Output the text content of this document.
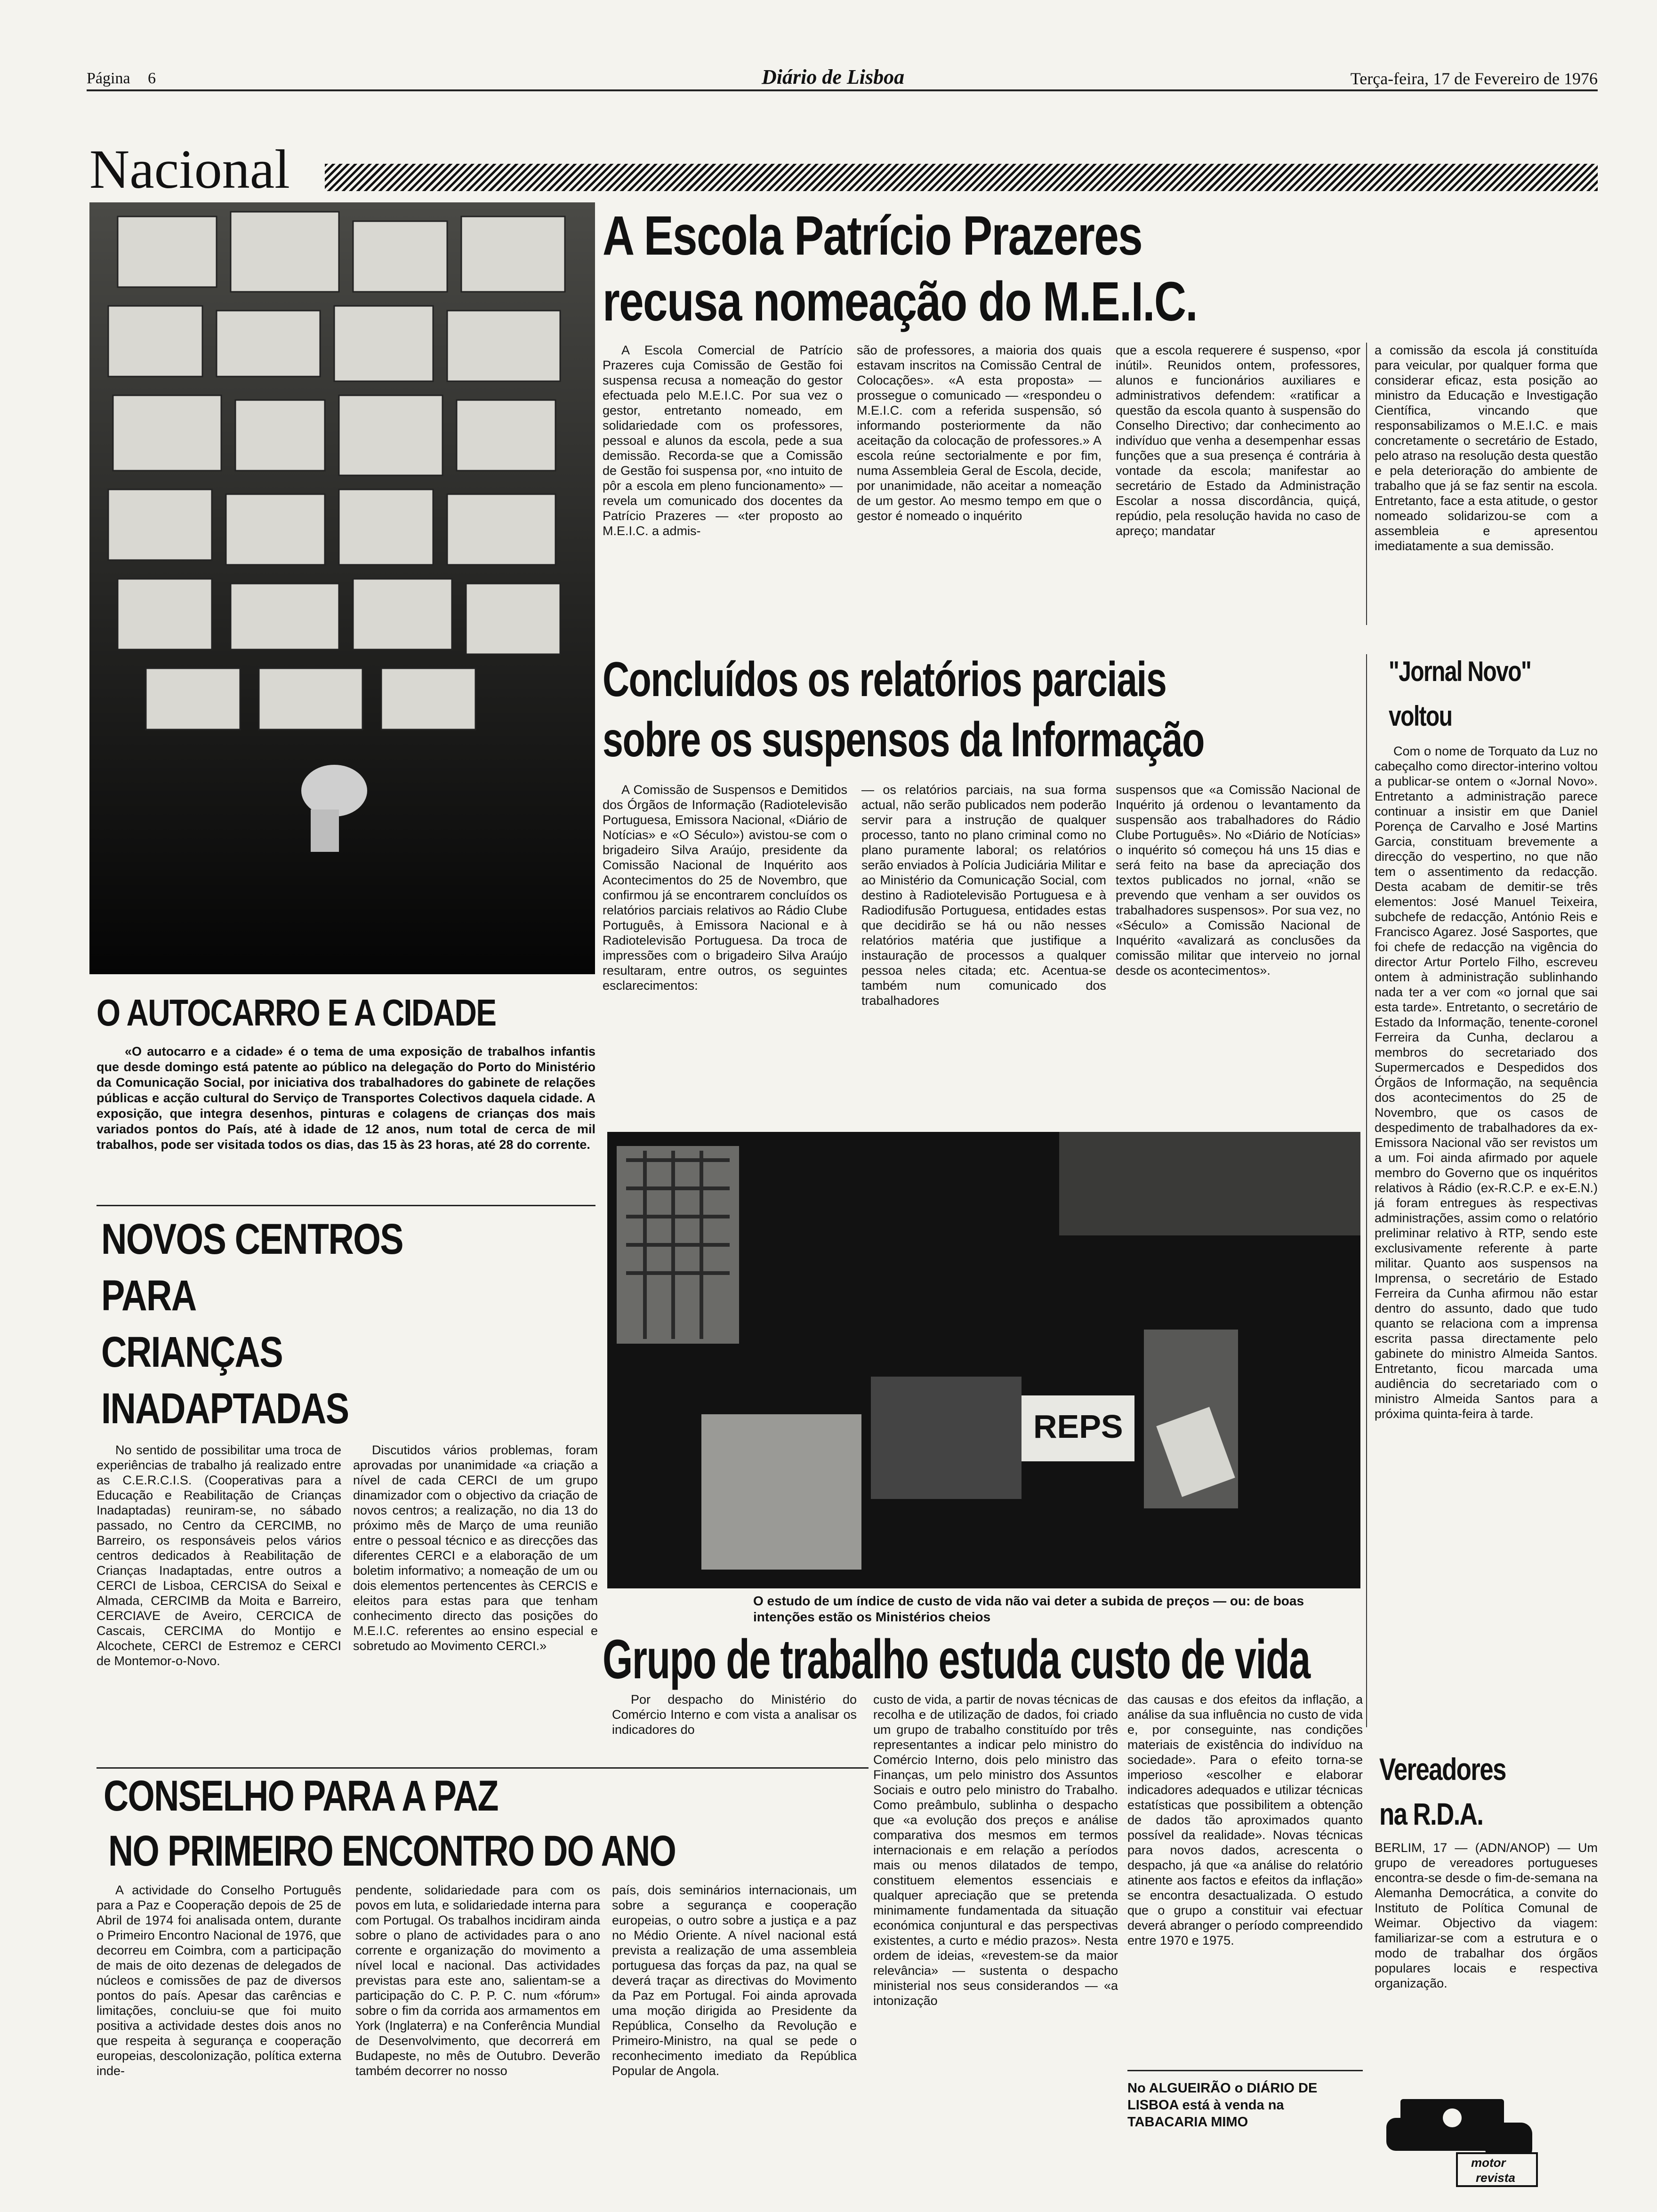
Página 6	Diário de Lisboa	Terça-feira, 17 de Fevereiro de 1976
Nacional
A Escola Patrício Prazeres
recusa nomeação do M.E.I.C.

A Escola Comercial de Patrício Prazeres cuja Comissão de Gestão foi suspensa recusa a nomeação do gestor efectuada pelo M.E.I.C. Por sua vez o gestor, entretanto nomeado, em solidariedade com os professores, pessoal e alunos da escola, pede a sua demissão. Recorda-se que a Comissão de Gestão foi suspensa por, «no intuito de pôr a escola em pleno funcionamento» — revela um comunicado dos docentes da Patrício Prazeres — «ter proposto ao M.E.I.C. a admis-

são de professores, a maioria dos quais estavam inscritos na Comissão Central de Colocações». «A esta proposta» — prossegue o comunicado — «respondeu o M.E.I.C. com a referida suspensão, só informando posteriormente da não aceitação da colocação de professores.» A escola reúne sectorialmente e por fim, numa Assembleia Geral de Escola, decide, por unanimidade, não aceitar a nomeação de um gestor. Ao mesmo tempo em que o gestor é nomeado o inquérito

que a escola requerere é suspenso, «por inútil». Reunidos ontem, professores, alunos e funcionários auxiliares e administrativos defendem: «ratificar a questão da escola quanto à suspensão do Conselho Directivo; dar conhecimento ao indivíduo que venha a desempenhar essas funções que a sua presença é contrária à vontade da escola; manifestar ao secretário de Estado da Administração Escolar a nossa discordância, quiçá, repúdio, pela resolução havida no caso de apreço; mandatar

a comissão da escola já constituída para veicular, por qualquer forma que considerar eficaz, esta posição ao ministro da Educação e Investigação Científica, vincando que responsabilizamos o M.E.I.C. e mais concretamente o secretário de Estado, pelo atraso na resolução desta questão e pela deterioração do ambiente de trabalho que já se faz sentir na escola. Entretanto, face a esta atitude, o gestor nomeado solidarizou-se com a assembleia e apresentou imediatamente a sua demissão.

Concluídos os relatórios parciais
sobre os suspensos da Informação

A Comissão de Suspensos e Demitidos dos Órgãos de Informação (Radiotelevisão Portuguesa, Emissora Nacional, «Diário de Notícias» e «O Século») avistou-se com o brigadeiro Silva Araújo, presidente da Comissão Nacional de Inquérito aos Acontecimentos do 25 de Novembro, que confirmou já se encontrarem concluídos os relatórios parciais relativos ao Rádio Clube Português, à Emissora Nacional e à Radiotelevisão Portuguesa. Da troca de impressões com o brigadeiro Silva Araújo resultaram, entre outros, os seguintes esclarecimentos:

— os relatórios parciais, na sua forma actual, não serão publicados nem poderão servir para a instrução de qualquer processo, tanto no plano criminal como no plano puramente laboral; os relatórios serão enviados à Polícia Judiciária Militar e ao Ministério da Comunicação Social, com destino à Radiotelevisão Portuguesa e à Radiodifusão Portuguesa, entidades estas que decidirão se há ou não nesses relatórios matéria que justifique a instauração de processos a qualquer pessoa neles citada; etc. Acentua-se também num comunicado dos trabalhadores

suspensos que «a Comissão Nacional de Inquérito já ordenou o levantamento da suspensão aos trabalhadores do Rádio Clube Português». No «Diário de Notícias» o inquérito só começou há uns 15 dias e será feito na base da apreciação dos textos publicados no jornal, «não se prevendo que venham a ser ouvidos os trabalhadores suspensos». Por sua vez, no «Século» a Comissão Nacional de Inquérito «avalizará as conclusões da comissão militar que interveio no jornal desde os acontecimentos».

"Jornal Novo"
voltou

Com o nome de Torquato da Luz no cabeçalho como director-interino voltou a publicar-se ontem o «Jornal Novo». Entretanto a administração parece continuar a insistir em que Daniel Porença de Carvalho e José Martins Garcia, constituam brevemente a direcção do vespertino, no que não tem o assentimento da redacção. Desta acabam de demitir-se três elementos: José Manuel Teixeira, subchefe de redacção, António Reis e Francisco Agarez. José Sasportes, que foi chefe de redacção na vigência do director Artur Portelo Filho, escreveu ontem à administração sublinhando nada ter a ver com «o jornal que sai esta tarde». Entretanto, o secretário de Estado da Informação, tenente-coronel Ferreira da Cunha, declarou a membros do secretariado dos Supermercados e Despedidos dos Órgãos de Informação, na sequência dos acontecimentos do 25 de Novembro, que os casos de despedimento de trabalhadores da ex-Emissora Nacional vão ser revistos um a um. Foi ainda afirmado por aquele membro do Governo que os inquéritos relativos à Rádio (ex-R.C.P. e ex-E.N.) já foram entregues às respectivas administrações, assim como o relatório preliminar relativo à RTP, sendo este exclusivamente referente à parte militar. Quanto aos suspensos na Imprensa, o secretário de Estado Ferreira da Cunha afirmou não estar dentro do assunto, dado que tudo quanto se relaciona com a imprensa escrita passa directamente pelo gabinete do ministro Almeida Santos. Entretanto, ficou marcada uma audiência do secretariado com o ministro Almeida Santos para a próxima quinta-feira à tarde.

O AUTOCARRO E A CIDADE

«O autocarro e a cidade» é o tema de uma exposição de trabalhos infantis que desde domingo está patente ao público na delegação do Porto do Ministério da Comunicação Social, por iniciativa dos trabalhadores do gabinete de relações públicas e acção cultural do Serviço de Transportes Colectivos daquela cidade. A exposição, que integra desenhos, pinturas e colagens de crianças dos mais variados pontos do País, até à idade de 12 anos, num total de cerca de mil trabalhos, pode ser visitada todos os dias, das 15 às 23 horas, até 28 do corrente.

NOVOS CENTROS
PARA
CRIANÇAS
INADAPTADAS

No sentido de possibilitar uma troca de experiências de trabalho já realizado entre as C.E.R.C.I.S. (Cooperativas para a Educação e Reabilitação de Crianças Inadaptadas) reuniram-se, no sábado passado, no Centro da CERCIMB, no Barreiro, os responsáveis pelos vários centros dedicados à Reabilitação de Crianças Inadaptadas, entre outros a CERCI de Lisboa, CERCISA do Seixal e Almada, CERCIMB da Moita e Barreiro, CERCIAVE de Aveiro, CERCICA de Cascais, CERCIMA do Montijo e Alcochete, CERCI de Estremoz e CERCI de Montemor-o-Novo.

Discutidos vários problemas, foram aprovadas por unanimidade «a criação a nível de cada CERCI de um grupo dinamizador com o objectivo da criação de novos centros; a realização, no dia 13 do próximo mês de Março de uma reunião entre o pessoal técnico e as direcções das diferentes CERCI e a elaboração de um boletim informativo; a nomeação de um ou dois elementos pertencentes às CERCIS e eleitos para estas para que tenham conhecimento directo das posições do M.E.I.C. referentes ao ensino especial e sobretudo ao Movimento CERCI.»

REPS
O estudo de um índice de custo de vida não vai deter a subida de preços — ou: de boas intenções estão os Ministérios cheios
Grupo de trabalho estuda custo de vida

Por despacho do Ministério do Comércio Interno e com vista a analisar os indicadores do

custo de vida, a partir de novas técnicas de recolha e de utilização de dados, foi criado um grupo de trabalho constituído por três representantes a indicar pelo ministro do Comércio Interno, dois pelo ministro das Finanças, um pelo ministro dos Assuntos Sociais e outro pelo ministro do Trabalho. Como preâmbulo, sublinha o despacho que «a evolução dos preços e análise comparativa dos mesmos em termos internacionais e em relação a períodos mais ou menos dilatados de tempo, constituem elementos essenciais e qualquer apreciação que se pretenda minimamente fundamentada da situação económica conjuntural e das perspectivas existentes, a curto e médio prazos». Nesta ordem de ideias, «revestem-se da maior relevância» — sustenta o despacho ministerial nos seus considerandos — «a intonização

das causas e dos efeitos da inflação, a análise da sua influência no custo de vida e, por conseguinte, nas condições materiais de existência do indivíduo na sociedade». Para o efeito torna-se imperioso «escolher e elaborar indicadores adequados e utilizar técnicas estatísticas que possibilitem a obtenção de dados tão aproximados quanto possível da realidade». Novas técnicas para novos dados, acrescenta o despacho, já que «a análise do relatório atinente aos factos e efeitos da inflação» se encontra desactualizada. O estudo que o grupo a constituir vai efectuar deverá abranger o período compreendido entre 1970 e 1975.

CONSELHO PARA A PAZ
NO PRIMEIRO ENCONTRO DO ANO

A actividade do Conselho Português para a Paz e Cooperação depois de 25 de Abril de 1974 foi analisada ontem, durante o Primeiro Encontro Nacional de 1976, que decorreu em Coimbra, com a participação de mais de oito dezenas de delegados de núcleos e comissões de paz de diversos pontos do país. Apesar das carências e limitações, concluiu-se que foi muito positiva a actividade destes dois anos no que respeita à segurança e cooperação europeias, descolonização, política externa inde-

pendente, solidariedade para com os povos em luta, e solidariedade interna para com Portugal. Os trabalhos incidiram ainda sobre o plano de actividades para o ano corrente e organização do movimento a nível local e nacional. Das actividades previstas para este ano, salientam-se a participação do C. P. P. C. num «fórum» sobre o fim da corrida aos armamentos em York (Inglaterra) e na Conferência Mundial de Desenvolvimento, que decorrerá em Budapeste, no mês de Outubro. Deverão também decorrer no nosso

país, dois seminários internacionais, um sobre a segurança e cooperação europeias, o outro sobre a justiça e a paz no Médio Oriente. A nível nacional está prevista a realização de uma assembleia portuguesa das forças da paz, na qual se deverá traçar as directivas do Movimento da Paz em Portugal. Foi ainda aprovada uma moção dirigida ao Presidente da República, Conselho da Revolução e Primeiro-Ministro, na qual se pede o reconhecimento imediato da República Popular de Angola.

No ALGUEIRÃO o DIÁRIO DE LISBOA está à venda na TABACARIA MIMO
Vereadores
na R.D.A.

BERLIM, 17 — (ADN/ANOP) — Um grupo de vereadores portugueses encontra-se desde o fim-de-semana na Alemanha Democrática, a convite do Instituto de Política Comunal de Weimar. Objectivo da viagem: familiarizar-se com a estrutura e o modo de trabalhar dos órgãos populares locais e respectiva organização.

motor
revista
